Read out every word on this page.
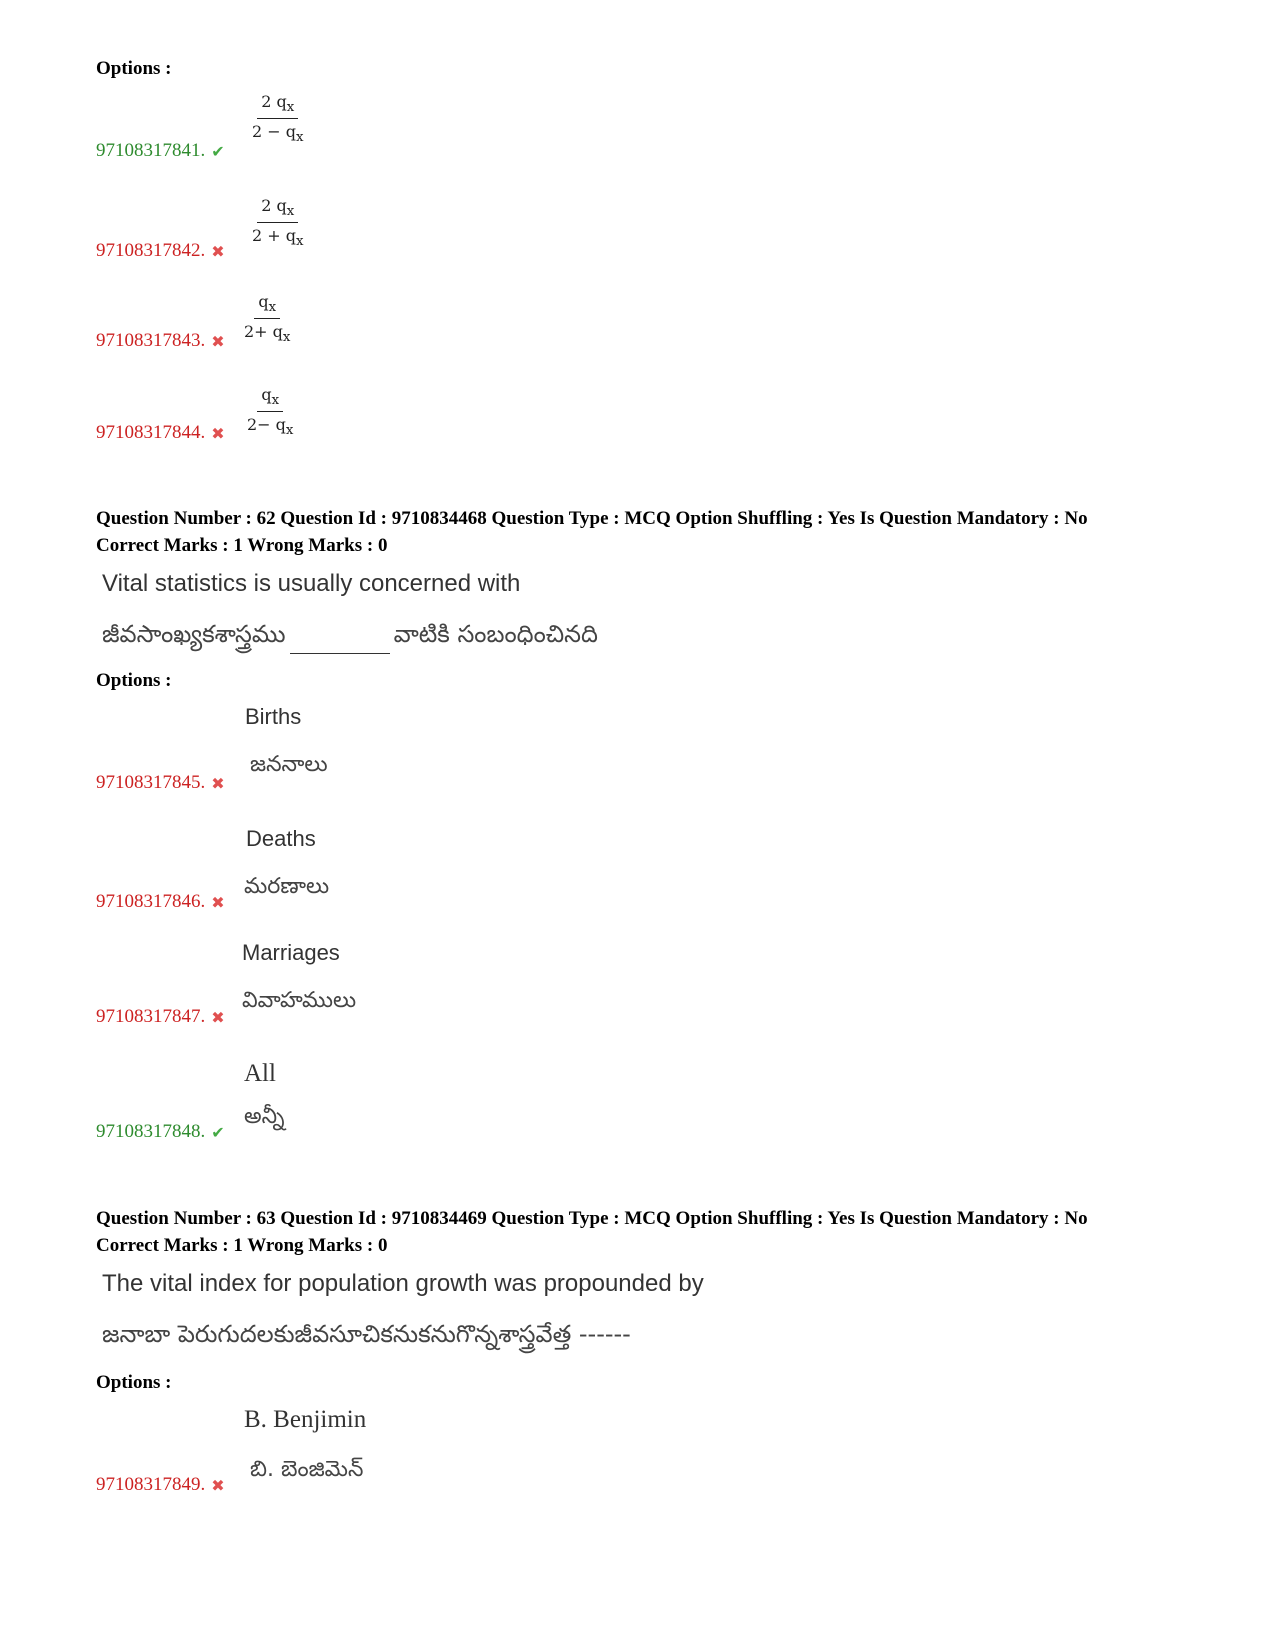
Options :
$\frac{2 q_x}{2 - q_x}$
97108317841. ✔
$\frac{2 q_x}{2 + q_x}$
97108317842. ✖
$\frac{q_x}{2+ q_x}$
97108317843. ✖
$\frac{q_x}{2- q_x}$
97108317844. ✖
Question Number : 62 Question Id : 9710834468 Question Type : MCQ Option Shuffling : Yes Is Question Mandatory : No
Correct Marks : 1 Wrong Marks : 0
Vital statistics is usually concerned with
జీవసాంఖ్యకశాస్త్రము	వాటికి సంబంధించినది
Options :
Births
జననాలు
97108317845. ✖
Deaths
మరణాలు
97108317846. ✖
Marriages
వివాహములు
97108317847. ✖
All
అన్నీ
97108317848. ✔
Question Number : 63 Question Id : 9710834469 Question Type : MCQ Option Shuffling : Yes Is Question Mandatory : No
Correct Marks : 1 Wrong Marks : 0
The vital index for population growth was propounded by
జనాబా పెరుగుదలకుజీవసూచికనుకనుగొన్నశాస్త్రవేత్త ------
Options :
B. Benjimin
బి. బెంజిమెన్
97108317849. ✖
